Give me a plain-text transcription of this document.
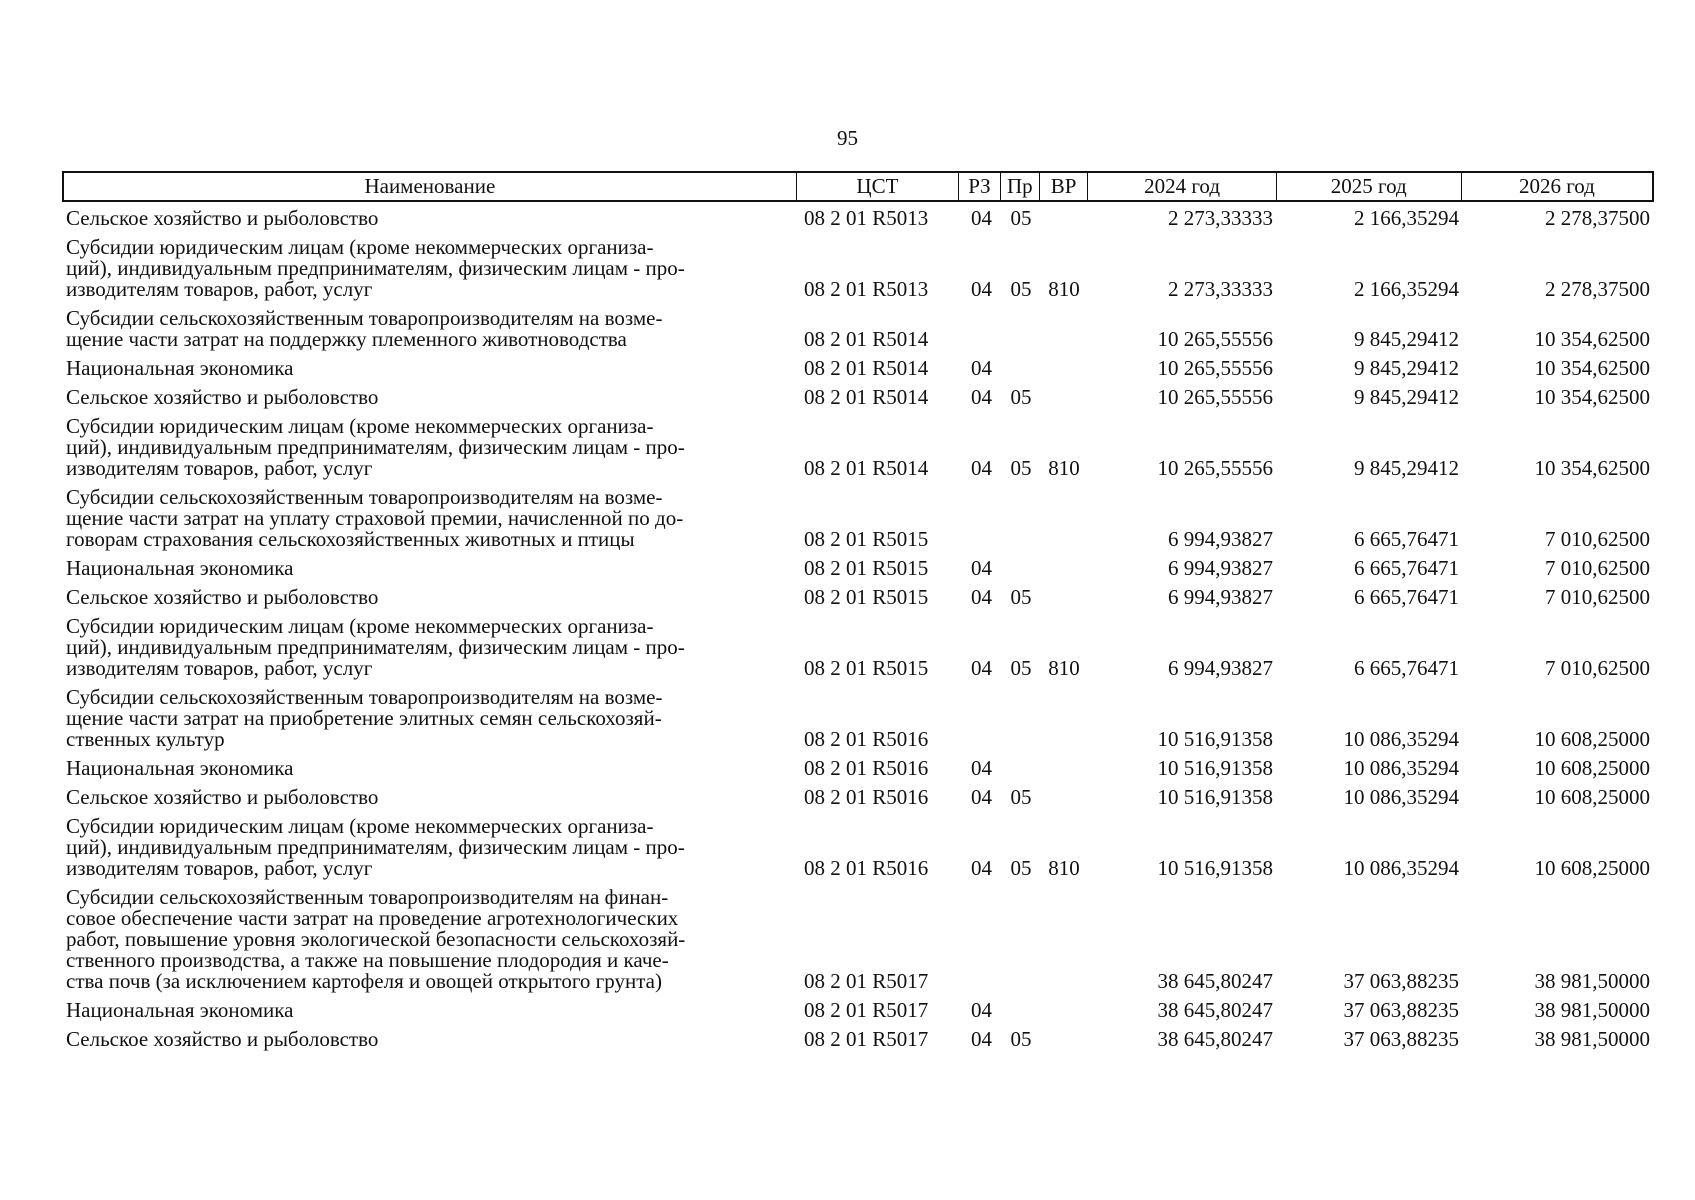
95
Наименование	ЦСТ	РЗ Пр ВР	2024 год	2025 год	2026 год
Сельское хозяйство и рыболовство	08 2 01 R5013	04 05	2 273,33333	2 166,35294	2 278,37500
Субсидии юридическим лицам (кроме некоммерческих организа-
ций), индивидуальным предпринимателям, физическим лицам - про-
изводителям товаров, работ, услуг	08 2 01 R5013	04 05 810	2 273,33333	2 166,35294	2 278,37500
Субсидии сельскохозяйственным товаропроизводителям на возме-
щение части затрат на поддержку племенного животноводства	08 2 01 R5014	10 265,55556	9 845,29412	10 354,62500
Национальная экономика	08 2 01 R5014	04	10 265,55556	9 845,29412	10 354,62500
Сельское хозяйство и рыболовство	08 2 01 R5014	04 05	10 265,55556	9 845,29412	10 354,62500
Субсидии юридическим лицам (кроме некоммерческих организа-
ций), индивидуальным предпринимателям, физическим лицам - про-
изводителям товаров, работ, услуг	08 2 01 R5014	04 05 810	10 265,55556	9 845,29412	10 354,62500
Субсидии сельскохозяйственным товаропроизводителям на возме-
щение части затрат на уплату страховой премии, начисленной по до-
говорам страхования сельскохозяйственных животных и птицы	08 2 01 R5015	6 994,93827	6 665,76471	7 010,62500
Национальная экономика	08 2 01 R5015	04	6 994,93827	6 665,76471	7 010,62500
Сельское хозяйство и рыболовство	08 2 01 R5015	04 05	6 994,93827	6 665,76471	7 010,62500
Субсидии юридическим лицам (кроме некоммерческих организа-
ций), индивидуальным предпринимателям, физическим лицам - про-
изводителям товаров, работ, услуг	08 2 01 R5015	04 05 810	6 994,93827	6 665,76471	7 010,62500
Субсидии сельскохозяйственным товаропроизводителям на возме-
щение части затрат на приобретение элитных семян сельскохозяй-
ственных культур	08 2 01 R5016	10 516,91358	10 086,35294	10 608,25000
Национальная экономика	08 2 01 R5016	04	10 516,91358	10 086,35294	10 608,25000
Сельское хозяйство и рыболовство	08 2 01 R5016	04 05	10 516,91358	10 086,35294	10 608,25000
Субсидии юридическим лицам (кроме некоммерческих организа-
ций), индивидуальным предпринимателям, физическим лицам - про-
изводителям товаров, работ, услуг	08 2 01 R5016	04 05 810	10 516,91358	10 086,35294	10 608,25000
Субсидии сельскохозяйственным товаропроизводителям на финан-
совое обеспечение части затрат на проведение агротехнологических
работ, повышение уровня экологической безопасности сельскохозяй-
ственного производства, а также на повышение плодородия и каче-
ства почв (за исключением картофеля и овощей открытого грунта)	08 2 01 R5017	38 645,80247	37 063,88235	38 981,50000
Национальная экономика	08 2 01 R5017	04	38 645,80247	37 063,88235	38 981,50000
Сельское хозяйство и рыболовство	08 2 01 R5017	04 05	38 645,80247	37 063,88235	38 981,50000
